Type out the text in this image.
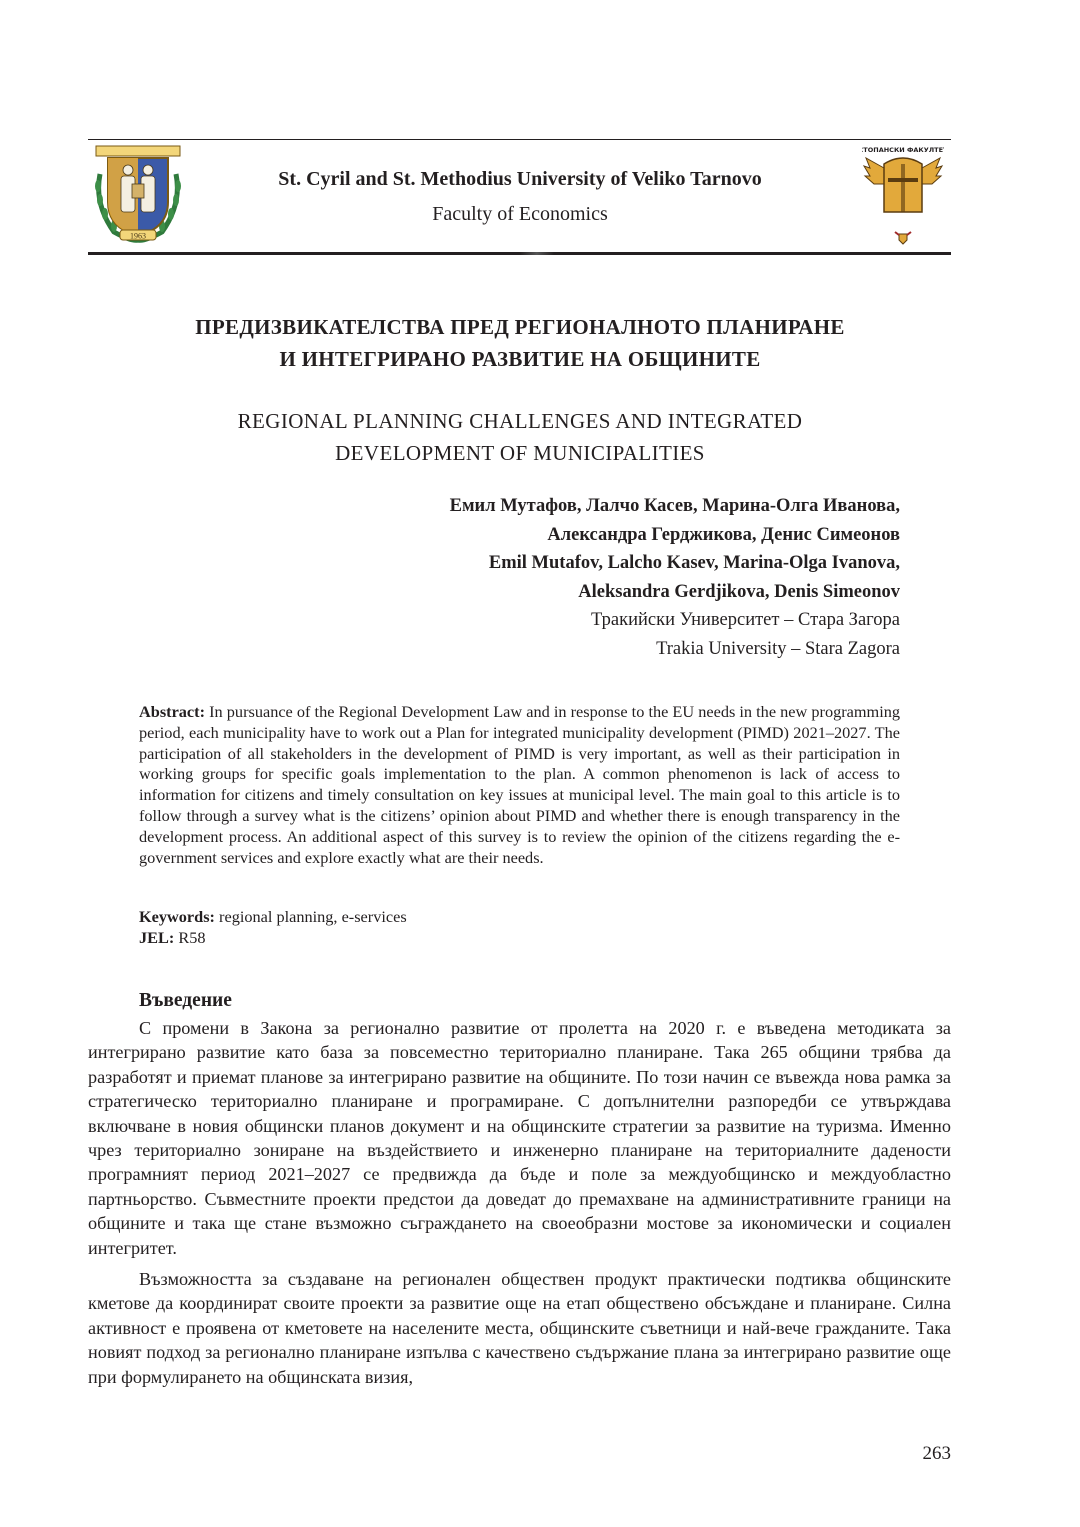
1963
СТОПАНСКИ ФАКУЛТЕТ
St. Cyril and St. Methodius University of Veliko Tarnovo
Faculty of Economics
ПРЕДИЗВИКАТЕЛСТВА ПРЕД РЕГИОНАЛНОТО ПЛАНИРАНЕ
И ИНТЕГРИРАНО РАЗВИТИЕ НА ОБЩИНИТЕ
REGIONAL PLANNING CHALLENGES AND INTEGRATED
DEVELOPMENT OF MUNICIPALITIES
Емил Мутафов, Лалчо Касев, Марина-Олга Иванова,
Александра Герджикова, Денис Симеонов
Emil Mutafov, Lalcho Kasev, Marina-Olga Ivanova,
Aleksandra Gerdjikova, Denis Simeonov
Тракийски Университет – Стара Загора
Trakia University – Stara Zagora
Abstract: In pursuance of the Regional Development Law and in response to the EU needs in the new programming period, each municipality have to work out a Plan for integrated municipality development (PIMD) 2021–2027. The participation of all stakeholders in the development of PIMD is very important, as well as their participation in working groups for specific goals implementation to the plan. A common phenomenon is lack of access to information for citizens and timely consultation on key issues at municipal level. The main goal to this article is to follow through a survey what is the citizens’ opinion about PIMD and whether there is enough transparency in the development process. An additional aspect of this survey is to review the opinion of the citizens regarding the e-government services and explore exactly what are their needs.
Keywords: regional planning, e-services
JEL: R58
Въведение

С промени в Закона за регионално развитие от пролетта на 2020 г. е въведена методиката за интегрирано развитие като база за повсеместно териториално планиране. Така 265 общини трябва да разработят и приемат планове за интегрирано развитие на общините. По този начин се въвежда нова рамка за стратегическо териториално планиране и програмиране. С допълнителни разпоредби се утвърждава включване в новия общински планов документ и на общинските стратегии за развитие на туризма. Именно чрез териториално зониране на въздействието и инженерно планиране на териториалните дадености програмният период 2021–2027 се предвижда да бъде и поле за междуобщинско и междуобластно партньорство. Съвместните проекти предстои да доведат до премахване на административните граници на общините и така ще стане възможно съграждането на своеобразни мостове за икономически и социален интегритет.

Възможността за създаване на регионален обществен продукт практически подтиква общинските кметове да координират своите проекти за развитие още на етап обществено обсъждане и планиране. Силна активност е проявена от кметовете на населените места, общинските съветници и най-вече гражданите. Така новият подход за регионално планиране изпълва с качествено съдържание плана за интегрирано развитие още при формулирането на общинската визия,

263
